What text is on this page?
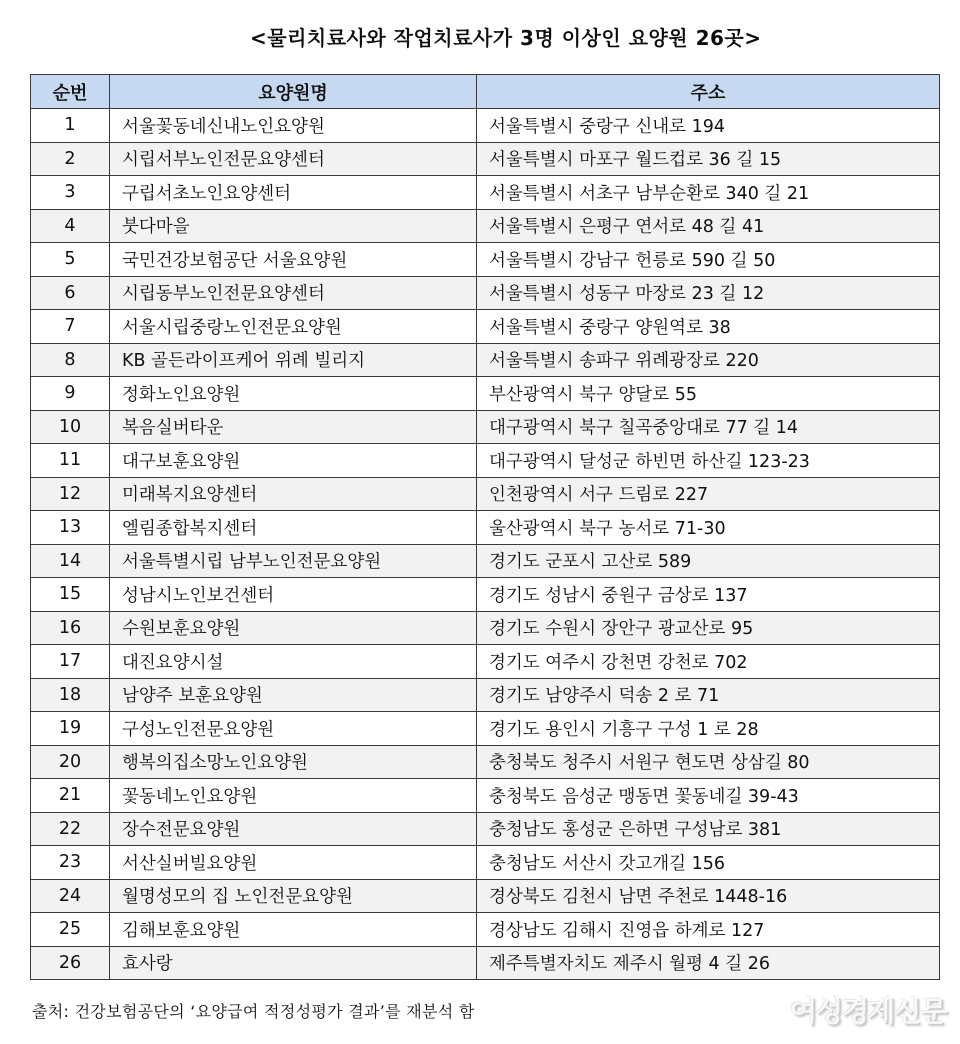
<물리치료사와 작업치료사가 3명 이상인 요양원 26곳>
순번	요양원명	주소
1	서울꽃동네신내노인요양원	서울특별시 중랑구 신내로 194
2	시립서부노인전문요양센터	서울특별시 마포구 월드컵로 36 길 15
3	구립서초노인요양센터	서울특별시 서초구 남부순환로 340 길 21
4	붓다마을	서울특별시 은평구 연서로 48 길 41
5	국민건강보험공단 서울요양원	서울특별시 강남구 헌릉로 590 길 50
6	시립동부노인전문요양센터	서울특별시 성동구 마장로 23 길 12
7	서울시립중랑노인전문요양원	서울특별시 중랑구 양원역로 38
8	KB 골든라이프케어 위례 빌리지	서울특별시 송파구 위례광장로 220
9	정화노인요양원	부산광역시 북구 양달로 55
10	복음실버타운	대구광역시 북구 칠곡중앙대로 77 길 14
11	대구보훈요양원	대구광역시 달성군 하빈면 하산길 123-23
12	미래복지요양센터	인천광역시 서구 드림로 227
13	엘림종합복지센터	울산광역시 북구 농서로 71-30
14	서울특별시립 남부노인전문요양원	경기도 군포시 고산로 589
15	성남시노인보건센터	경기도 성남시 중원구 금상로 137
16	수원보훈요양원	경기도 수원시 장안구 광교산로 95
17	대진요양시설	경기도 여주시 강천면 강천로 702
18	남양주 보훈요양원	경기도 남양주시 덕송 2 로 71
19	구성노인전문요양원	경기도 용인시 기흥구 구성 1 로 28
20	행복의집소망노인요양원	충청북도 청주시 서원구 현도면 상삼길 80
21	꽃동네노인요양원	충청북도 음성군 맹동면 꽃동네길 39-43
22	장수전문요양원	충청남도 홍성군 은하면 구성남로 381
23	서산실버빌요양원	충청남도 서산시 갓고개길 156
24	월명성모의 집 노인전문요양원	경상북도 김천시 남면 주천로 1448-16
25	김해보훈요양원	경상남도 김해시 진영읍 하계로 127
26	효사랑	제주특별자치도 제주시 월평 4 길 26
출처: 건강보험공단의 ‘요양급여 적정성평가 결과’를 재분석 함	여성경제신문
